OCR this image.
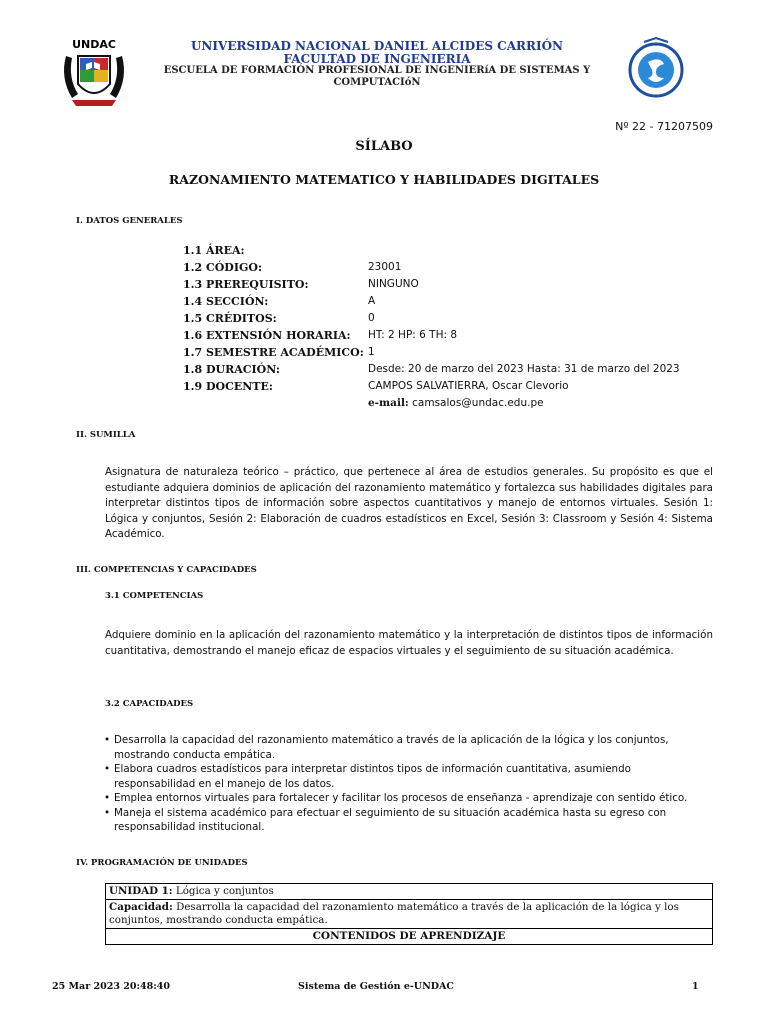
UNDAC	UNIVERSIDAD NACIONAL DANIEL ALCIDES CARRIÓN
FACULTAD DE INGENIERIA
ESCUELA DE FORMACIÓN PROFESIONAL DE INGENIERíA DE SISTEMAS Y COMPUTACIóN
Nº 22 - 71207509
SÍLABO
RAZONAMIENTO MATEMATICO Y HABILIDADES DIGITALES
I. DATOS GENERALES
1.1 ÁREA:
1.2 CÓDIGO:	23001
1.3 PREREQUISITO:	NINGUNO
1.4 SECCIÓN:	A
1.5 CRÉDITOS:	0
1.6 EXTENSIÓN HORARIA: HT: 2 HP: 6 TH: 8
1.7 SEMESTRE ACADÉMICO: 1
1.8 DURACIÓN:	Desde: 20 de marzo del 2023 Hasta: 31 de marzo del 2023
1.9 DOCENTE:	CAMPOS SALVATIERRA, Oscar Clevorio
e-mail: camsalos@undac.edu.pe
II. SUMILLA
Asignatura de naturaleza teórico – práctico, que pertenece al área de estudios generales. Su propósito es que el estudiante adquiera dominios de aplicación del razonamiento matemático y fortalezca sus habilidades digitales para interpretar distintos tipos de información sobre aspectos cuantitativos y manejo de entornos virtuales. Sesión 1: Lógica y conjuntos, Sesión 2: Elaboración de cuadros estadísticos en Excel, Sesión 3: Classroom y Sesión 4: Sistema Académico.
III. COMPETENCIAS Y CAPACIDADES
3.1 COMPETENCIAS
Adquiere dominio en la aplicación del razonamiento matemático y la interpretación de distintos tipos de información cuantitativa, demostrando el manejo eficaz de espacios virtuales y el seguimiento de su situación académica.
3.2 CAPACIDADES
• Desarrolla la capacidad del razonamiento matemático a través de la aplicación de la lógica y los conjuntos, mostrando conducta empática.
• Elabora cuadros estadísticos para interpretar distintos tipos de información cuantitativa, asumiendo responsabilidad en el manejo de los datos.
• Emplea entornos virtuales para fortalecer y facilitar los procesos de enseñanza - aprendizaje con sentido ético.
• Maneja el sistema académico para efectuar el seguimiento de su situación académica hasta su egreso con responsabilidad institucional.
IV. PROGRAMACIÓN DE UNIDADES
UNIDAD 1: Lógica y conjuntos
Capacidad: Desarrolla la capacidad del razonamiento matemático a través de la aplicación de la lógica y los conjuntos, mostrando conducta empática.
CONTENIDOS DE APRENDIZAJE
25 Mar 2023 20:48:40	Sistema de Gestión e-UNDAC	1
